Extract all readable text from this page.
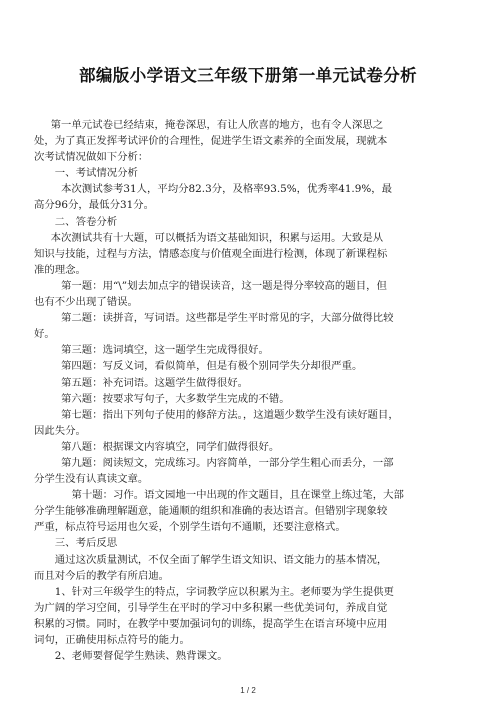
部编版小学语文三年级下册第一单元试卷分析
第一单元试卷已经结束，掩卷深思，有让人欣喜的地方，也有令人深思之
处，为了真正发挥考试评价的合理性，促进学生语文素养的全面发展，现就本
次考试情况做如下分析：
一、考试情况分析
本次测试参考31人，平均分82.3分，及格率93.5%，优秀率41.9%，最
高分96分，最低分31分。
二、答卷分析
本次测试共有十大题，可以概括为语文基础知识，积累与运用。大致是从
知识与技能，过程与方法，情感态度与价值观全面进行检测，体现了新课程标
准的理念。
第一题：用“\”划去加点字的错误读音，这一题是得分率较高的题目，但
也有不少出现了错误。
第二题：读拼音，写词语。这些都是学生平时常见的字，大部分做得比较
好。
第三题：选词填空，这一题学生完成得很好。
第四题：写反义词，看似简单，但是有极个别同学失分却很严重。
第五题：补充词语。这题学生做得很好。
第六题：按要求写句子，大多数学生完成的不错。
第七题：指出下列句子使用的修辞方法。，这道题少数学生没有读好题目，
因此失分。
第八题：根据课文内容填空，同学们做得很好。
第九题：阅读短文，完成练习。内容简单，一部分学生粗心而丢分，一部
分学生没有认真读文章。
第十题：习作。语文园地一中出现的作文题目，且在课堂上练过笔，大部
分学生能够准确理解题意，能通顺的组织和准确的表达语言。但错别字现象较
严重，标点符号运用也欠妥，个别学生语句不通顺，还要注意格式。
三、考后反思
通过这次质量测试，不仅全面了解学生语文知识、语文能力的基本情况，
而且对今后的教学有所启迪。
1、针对三年级学生的特点，字词教学应以积累为主。老师要为学生提供更
为广阔的学习空间，引导学生在平时的学习中多积累一些优美词句，养成自觉
积累的习惯。同时，在教学中要加强词句的训练，提高学生在语言环境中应用
词句，正确使用标点符号的能力。
2、老师要督促学生熟读、熟背课文。
1 / 2
